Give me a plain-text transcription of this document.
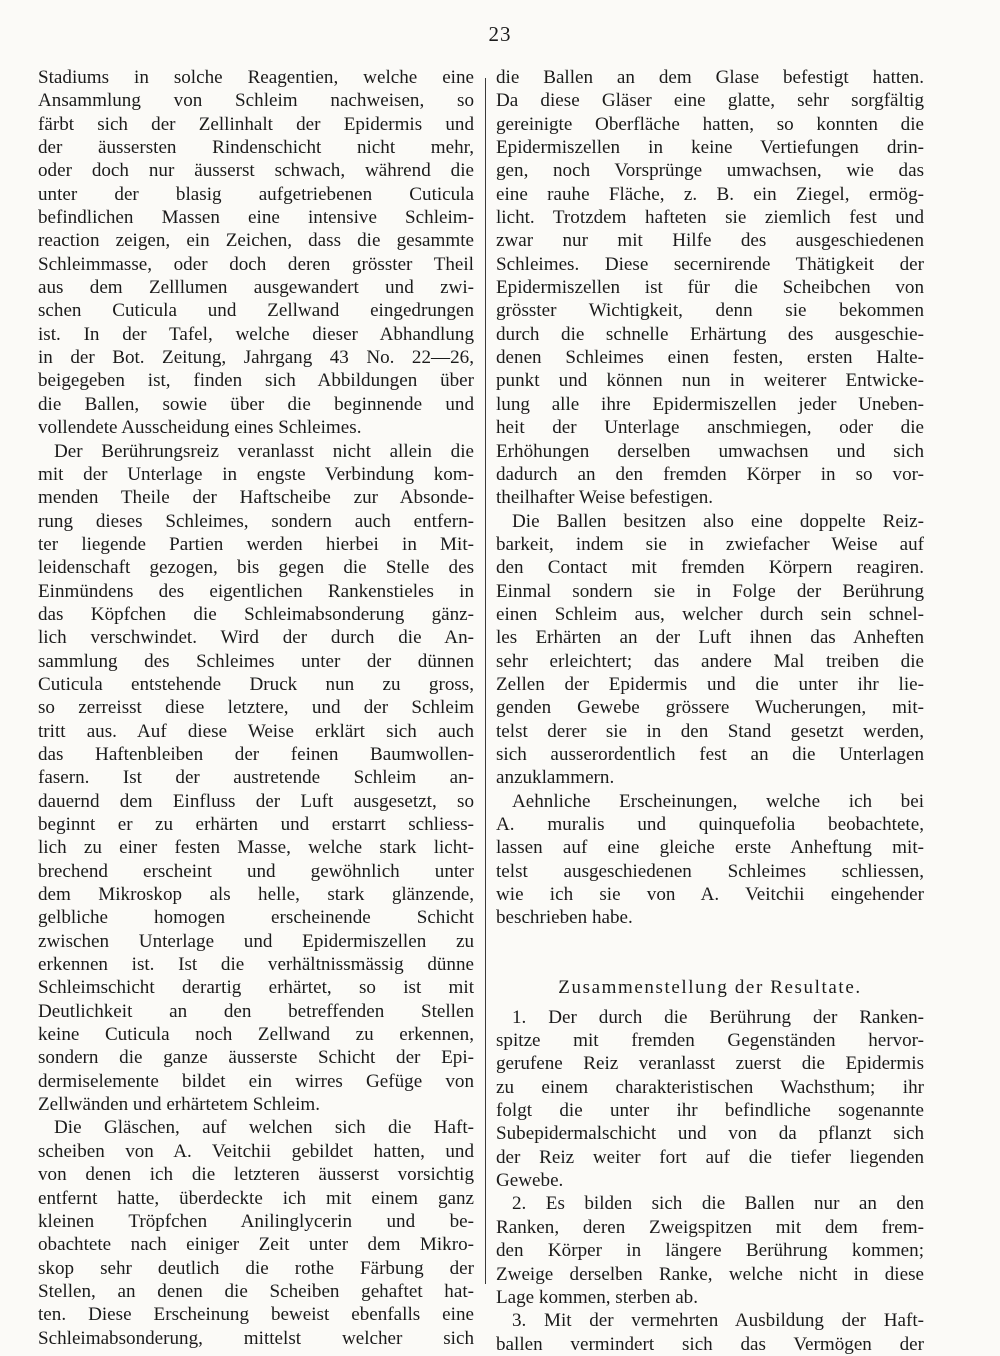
23
Stadiums in solche Reagentien, welche eine
Ansammlung von Schleim nachweisen, so
färbt sich der Zellinhalt der Epidermis und
der äussersten Rindenschicht nicht mehr,
oder doch nur äusserst schwach, während die
unter der blasig aufgetriebenen Cuticula
befindlichen Massen eine intensive Schleim-
reaction zeigen, ein Zeichen, dass die gesammte
Schleimmasse, oder doch deren grösster Theil
aus dem Zelllumen ausgewandert und zwi-
schen Cuticula und Zellwand eingedrungen
ist. In der Tafel, welche dieser Abhandlung
in der Bot. Zeitung, Jahrgang 43 No. 22—26,
beigegeben ist, finden sich Abbildungen über
die Ballen, sowie über die beginnende und
vollendete Ausscheidung eines Schleimes.
Der Berührungsreiz veranlasst nicht allein die
mit der Unterlage in engste Verbindung kom-
menden Theile der Haftscheibe zur Absonde-
rung dieses Schleimes, sondern auch entfern-
ter liegende Partien werden hierbei in Mit-
leidenschaft gezogen, bis gegen die Stelle des
Einmündens des eigentlichen Rankenstieles in
das Köpfchen die Schleimabsonderung gänz-
lich verschwindet. Wird der durch die An-
sammlung des Schleimes unter der dünnen
Cuticula entstehende Druck nun zu gross,
so zerreisst diese letztere, und der Schleim
tritt aus. Auf diese Weise erklärt sich auch
das Haftenbleiben der feinen Baumwollen-
fasern. Ist der austretende Schleim an-
dauernd dem Einfluss der Luft ausgesetzt, so
beginnt er zu erhärten und erstarrt schliess-
lich zu einer festen Masse, welche stark licht-
brechend erscheint und gewöhnlich unter
dem Mikroskop als helle, stark glänzende,
gelbliche homogen erscheinende Schicht
zwischen Unterlage und Epidermiszellen zu
erkennen ist. Ist die verhältnissmässig dünne
Schleimschicht derartig erhärtet, so ist mit
Deutlichkeit an den betreffenden Stellen
keine Cuticula noch Zellwand zu erkennen,
sondern die ganze äusserste Schicht der Epi-
dermiselemente bildet ein wirres Gefüge von
Zellwänden und erhärtetem Schleim.
Die Gläschen, auf welchen sich die Haft-
scheiben von A. Veitchii gebildet hatten, und
von denen ich die letzteren äusserst vorsichtig
entfernt hatte, überdeckte ich mit einem ganz
kleinen Tröpfchen Anilinglycerin und be-
obachtete nach einiger Zeit unter dem Mikro-
skop sehr deutlich die rothe Färbung der
Stellen, an denen die Scheiben gehaftet hat-
ten. Diese Erscheinung beweist ebenfalls eine
Schleimabsonderung, mittelst welcher sich
die Ballen an dem Glase befestigt hatten.
Da diese Gläser eine glatte, sehr sorgfältig
gereinigte Oberfläche hatten, so konnten die
Epidermiszellen in keine Vertiefungen drin-
gen, noch Vorsprünge umwachsen, wie das
eine rauhe Fläche, z. B. ein Ziegel, ermög-
licht. Trotzdem hafteten sie ziemlich fest und
zwar nur mit Hilfe des ausgeschiedenen
Schleimes. Diese secernirende Thätigkeit der
Epidermiszellen ist für die Scheibchen von
grösster Wichtigkeit, denn sie bekommen
durch die schnelle Erhärtung des ausgeschie-
denen Schleimes einen festen, ersten Halte-
punkt und können nun in weiterer Entwicke-
lung alle ihre Epidermiszellen jeder Uneben-
heit der Unterlage anschmiegen, oder die
Erhöhungen derselben umwachsen und sich
dadurch an den fremden Körper in so vor-
theilhafter Weise befestigen.
Die Ballen besitzen also eine doppelte Reiz-
barkeit, indem sie in zwiefacher Weise auf
den Contact mit fremden Körpern reagiren.
Einmal sondern sie in Folge der Berührung
einen Schleim aus, welcher durch sein schnel-
les Erhärten an der Luft ihnen das Anheften
sehr erleichtert; das andere Mal treiben die
Zellen der Epidermis und die unter ihr lie-
genden Gewebe grössere Wucherungen, mit-
telst derer sie in den Stand gesetzt werden,
sich ausserordentlich fest an die Unterlagen
anzuklammern.
Aehnliche Erscheinungen, welche ich bei
A. muralis und quinquefolia beobachtete,
lassen auf eine gleiche erste Anheftung mit-
telst ausgeschiedenen Schleimes schliessen,
wie ich sie von A. Veitchii eingehender
beschrieben habe.
Zusammenstellung der Resultate.
1. Der durch die Berührung der Ranken-
spitze mit fremden Gegenständen hervor-
gerufene Reiz veranlasst zuerst die Epidermis
zu einem charakteristischen Wachsthum; ihr
folgt die unter ihr befindliche sogenannte
Subepidermalschicht und von da pflanzt sich
der Reiz weiter fort auf die tiefer liegenden
Gewebe.
2. Es bilden sich die Ballen nur an den
Ranken, deren Zweigspitzen mit dem frem-
den Körper in längere Berührung kommen;
Zweige derselben Ranke, welche nicht in diese
Lage kommen, sterben ab.
3. Mit der vermehrten Ausbildung der Haft-
ballen vermindert sich das Vermögen der
